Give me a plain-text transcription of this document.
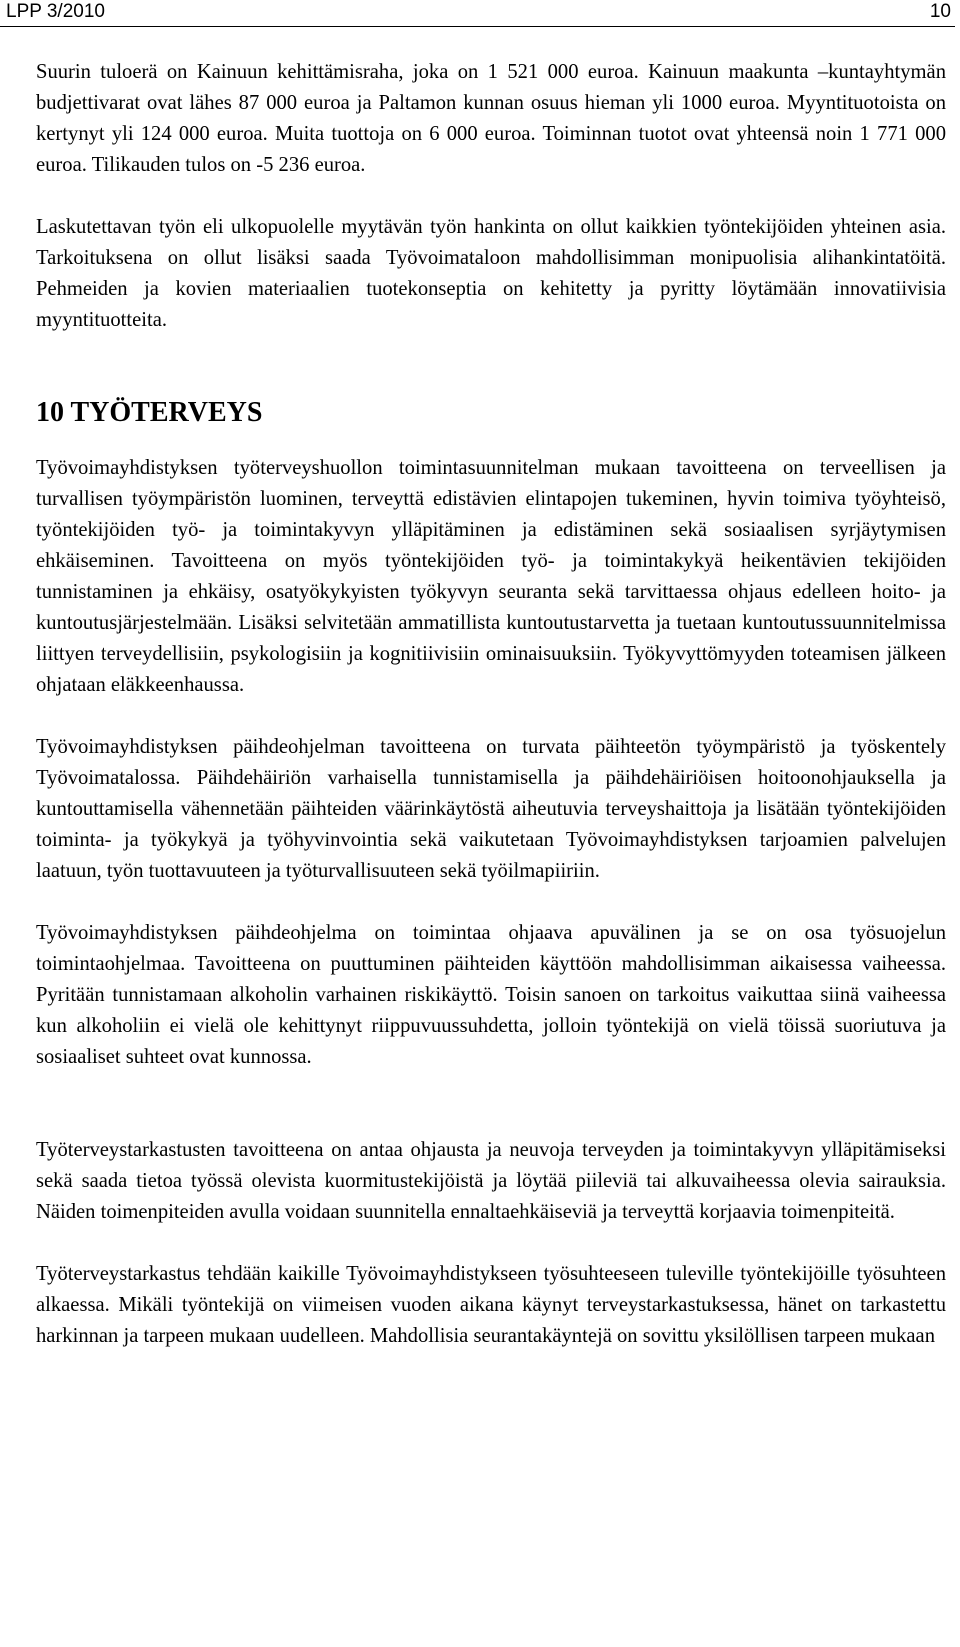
LPP 3/2010	10

Suurin tuloerä on Kainuun kehittämisraha, joka on 1 521 000 euroa. Kainuun maakunta –kuntayhtymän budjettivarat ovat lähes 87 000 euroa ja Paltamon kunnan osuus hieman yli 1000 euroa. Myyntituotoista on kertynyt yli 124 000 euroa. Muita tuottoja on 6 000 euroa. Toiminnan tuotot ovat yhteensä noin 1 771 000 euroa. Tilikauden tulos on -5 236 euroa.

Laskutettavan työn eli ulkopuolelle myytävän työn hankinta on ollut kaikkien työntekijöiden yhteinen asia. Tarkoituksena on ollut lisäksi saada Työvoimataloon mahdollisimman monipuolisia alihankintatöitä. Pehmeiden ja kovien materiaalien tuotekonseptia on kehitetty ja pyritty löytämään innovatiivisia myyntituotteita.

10 TYÖTERVEYS

Työvoimayhdistyksen työterveyshuollon toimintasuunnitelman mukaan tavoitteena on terveellisen ja turvallisen työympäristön luominen, terveyttä edistävien elintapojen tukeminen, hyvin toimiva työyhteisö, työntekijöiden työ- ja toimintakyvyn ylläpitäminen ja edistäminen sekä sosiaalisen syrjäytymisen ehkäiseminen. Tavoitteena on myös työntekijöiden työ- ja toimintakykyä heikentävien tekijöiden tunnistaminen ja ehkäisy, osatyökykyisten työkyvyn seuranta sekä tarvittaessa ohjaus edelleen hoito- ja kuntoutusjärjestelmään. Lisäksi selvitetään ammatillista kuntoutustarvetta ja tuetaan kuntoutussuunnitelmissa liittyen terveydellisiin, psykologisiin ja kognitiivisiin ominaisuuksiin. Työkyvyttömyyden toteamisen jälkeen ohjataan eläkkeenhaussa.

Työvoimayhdistyksen päihdeohjelman tavoitteena on turvata päihteetön työympäristö ja työskentely Työvoimatalossa. Päihdehäiriön varhaisella tunnistamisella ja päihdehäiriöisen hoitoonohjauksella ja kuntouttamisella vähennetään päihteiden väärinkäytöstä aiheutuvia terveyshaittoja ja lisätään työntekijöiden toiminta- ja työkykyä ja työhyvinvointia sekä vaikutetaan Työvoimayhdistyksen tarjoamien palvelujen laatuun, työn tuottavuuteen ja työturvallisuuteen sekä työilmapiiriin.

Työvoimayhdistyksen päihdeohjelma on toimintaa ohjaava apuvälinen ja se on osa työsuojelun toimintaohjelmaa. Tavoitteena on puuttuminen päihteiden käyttöön mahdollisimman aikaisessa vaiheessa. Pyritään tunnistamaan alkoholin varhainen riskikäyttö. Toisin sanoen on tarkoitus vaikuttaa siinä vaiheessa kun alkoholiin ei vielä ole kehittynyt riippuvuussuhdetta, jolloin työntekijä on vielä töissä suoriutuva ja sosiaaliset suhteet ovat kunnossa.

Työterveystarkastusten tavoitteena on antaa ohjausta ja neuvoja terveyden ja toimintakyvyn ylläpitämiseksi sekä saada tietoa työssä olevista kuormitustekijöistä ja löytää piileviä tai alkuvaiheessa olevia sairauksia. Näiden toimenpiteiden avulla voidaan suunnitella ennaltaehkäiseviä ja terveyttä korjaavia toimenpiteitä.

Työterveystarkastus tehdään kaikille Työvoimayhdistykseen työsuhteeseen tuleville työntekijöille työsuhteen alkaessa. Mikäli työntekijä on viimeisen vuoden aikana käynyt terveystarkastuksessa, hänet on tarkastettu harkinnan ja tarpeen mukaan uudelleen. Mahdollisia seurantakäyntejä on sovittu yksilöllisen tarpeen mukaan
